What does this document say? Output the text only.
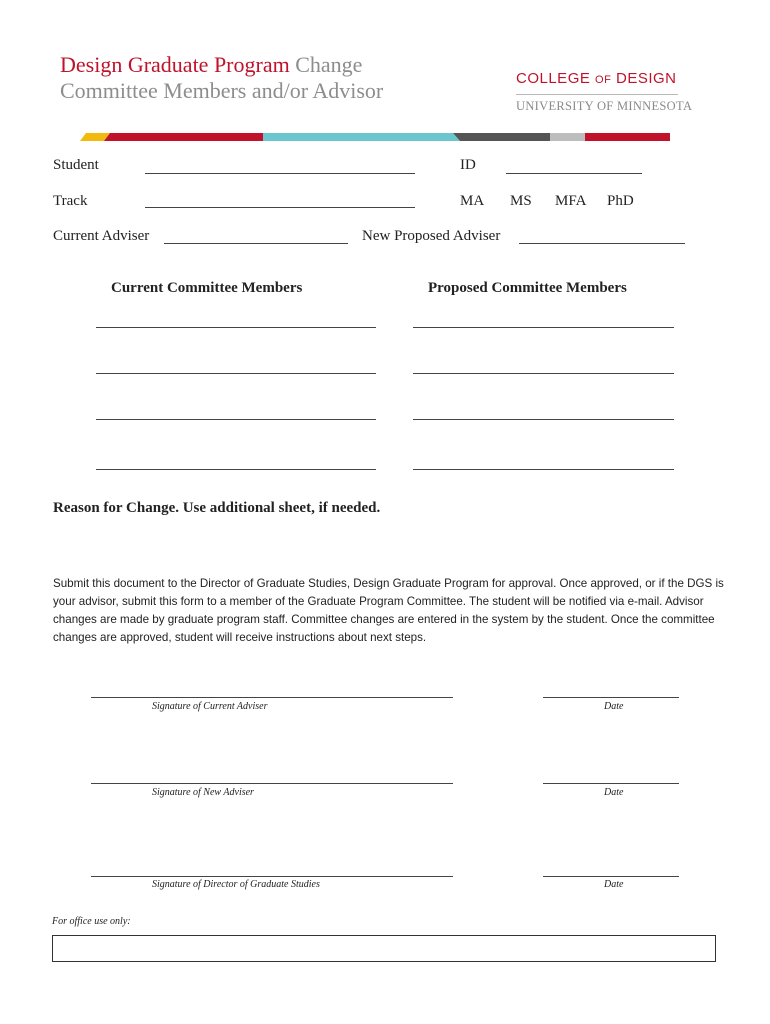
Design Graduate Program Change Committee Members and/or Advisor	COLLEGE OF DESIGN
UNIVERSITY OF MINNESOTA
Student	ID
Track	MA MS MFA PhD
Current Adviser	New Proposed Adviser
Current Committee Members	Proposed Committee Members
Reason for Change. Use additional sheet, if needed.
Submit this document to the Director of Graduate Studies, Design Graduate Program for approval. Once approved, or if the DGS is your advisor, submit this form to a member of the Graduate Program Committee. The student will be notified via e-mail. Advisor changes are made by graduate program staff. Committee changes are entered in the system by the student. Once the committee changes are approved, student will receive instructions about next steps.
Signature of Current Adviser	Date
Signature of New Adviser	Date
Signature of Director of Graduate Studies	Date
For office use only:
